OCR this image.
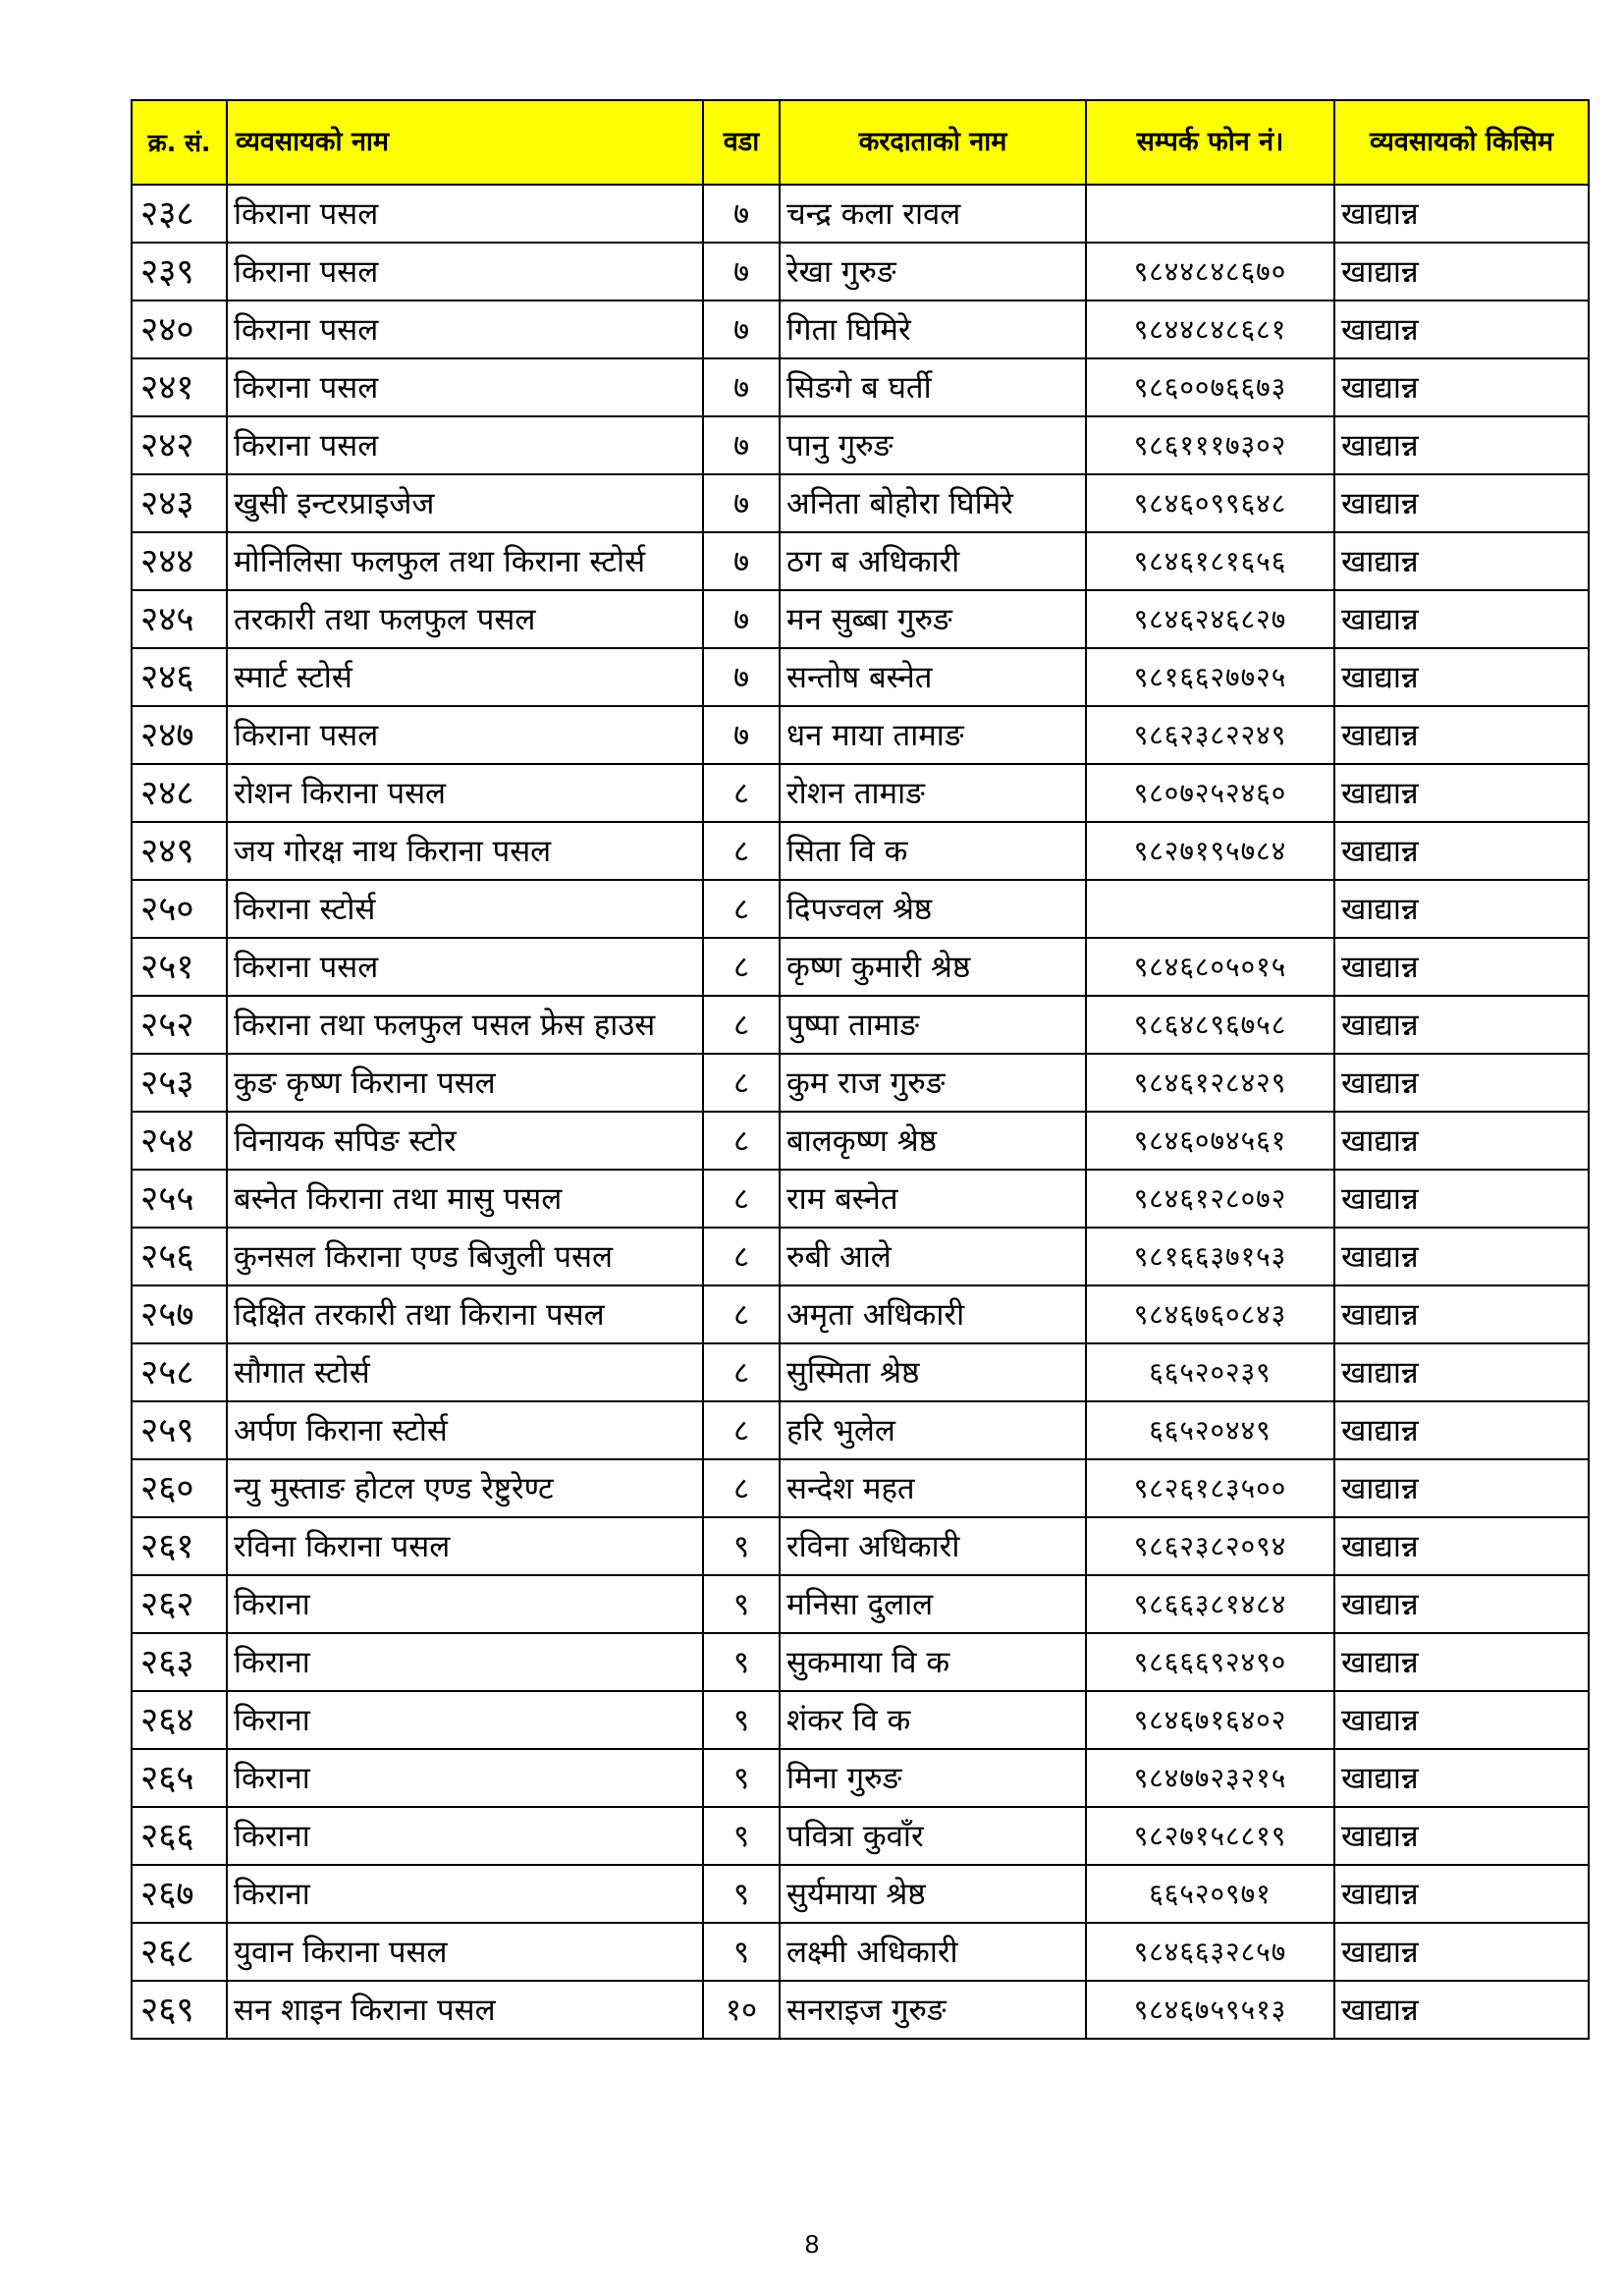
क्र. सं.	व्यवसायको नाम	वडा	करदाताको नाम	सम्पर्क फोन नं।	व्यवसायको किसिम
२३८	किराना पसल	७	चन्द्र कला रावल		खाद्यान्न
२३९	किराना पसल	७	रेखा गुरुङ	९८४४८४८६७०	खाद्यान्न
२४०	किराना पसल	७	गिता घिमिरे	९८४४८४८६८१	खाद्यान्न
२४१	किराना पसल	७	सिङगे ब घर्ती	९८६००७६६७३	खाद्यान्न
२४२	किराना पसल	७	पानु गुरुङ	९८६१११७३०२	खाद्यान्न
२४३	खुसी इन्टरप्राइजेज	७	अनिता बोहोरा घिमिरे	९८४६०९९६४८	खाद्यान्न
२४४	मोनिलिसा फलफुल तथा किराना स्टोर्स	७	ठग ब अधिकारी	९८४६१८१६५६	खाद्यान्न
२४५	तरकारी तथा फलफुल पसल	७	मन सुब्बा गुरुङ	९८४६२४६८२७	खाद्यान्न
२४६	स्मार्ट स्टोर्स	७	सन्तोष बस्नेत	९८१६६२७७२५	खाद्यान्न
२४७	किराना पसल	७	धन माया तामाङ	९८६२३८२२४९	खाद्यान्न
२४८	रोशन किराना पसल	८	रोशन तामाङ	९८०७२५२४६०	खाद्यान्न
२४९	जय गोरक्ष नाथ किराना पसल	८	सिता वि क	९८२७१९५७८४	खाद्यान्न
२५०	किराना स्टोर्स	८	दिपज्वल श्रेष्ठ		खाद्यान्न
२५१	किराना पसल	८	कृष्ण कुमारी श्रेष्ठ	९८४६८०५०१५	खाद्यान्न
२५२	किराना तथा फलफुल पसल फ्रेस हाउस	८	पुष्पा तामाङ	९८६४८९६७५८	खाद्यान्न
२५३	कुङ कृष्ण किराना पसल	८	कुम राज गुरुङ	९८४६१२८४२९	खाद्यान्न
२५४	विनायक सपिङ स्टोर	८	बालकृष्ण श्रेष्ठ	९८४६०७४५६१	खाद्यान्न
२५५	बस्नेत किराना तथा मासु पसल	८	राम बस्नेत	९८४६१२८०७२	खाद्यान्न
२५६	कुनसल किराना एण्ड बिजुली पसल	८	रुबी आले	९८१६६३७१५३	खाद्यान्न
२५७	दिक्षित तरकारी तथा किराना पसल	८	अमृता अधिकारी	९८४६७६०८४३	खाद्यान्न
२५८	सौगात स्टोर्स	८	सुस्मिता श्रेष्ठ	६६५२०२३९	खाद्यान्न
२५९	अर्पण किराना स्टोर्स	८	हरि भुलेल	६६५२०४४९	खाद्यान्न
२६०	न्यु मुस्ताङ होटल एण्ड रेष्टुरेण्ट	८	सन्देश महत	९८२६१८३५००	खाद्यान्न
२६१	रविना किराना पसल	९	रविना अधिकारी	९८६२३८२०९४	खाद्यान्न
२६२	किराना	९	मनिसा दुलाल	९८६६३८१४८४	खाद्यान्न
२६३	किराना	९	सुकमाया वि क	९८६६६९२४९०	खाद्यान्न
२६४	किराना	९	शंकर वि क	९८४६७१६४०२	खाद्यान्न
२६५	किराना	९	मिना गुरुङ	९८४७७२३२१५	खाद्यान्न
२६६	किराना	९	पवित्रा कुवाँर	९८२७१५८८१९	खाद्यान्न
२६७	किराना	९	सुर्यमाया श्रेष्ठ	६६५२०९७१	खाद्यान्न
२६८	युवान किराना पसल	९	लक्ष्मी अधिकारी	९८४६६३२८५७	खाद्यान्न
२६९	सन शाइन किराना पसल	१०	सनराइज गुरुङ	९८४६७५९५१३	खाद्यान्न
8
